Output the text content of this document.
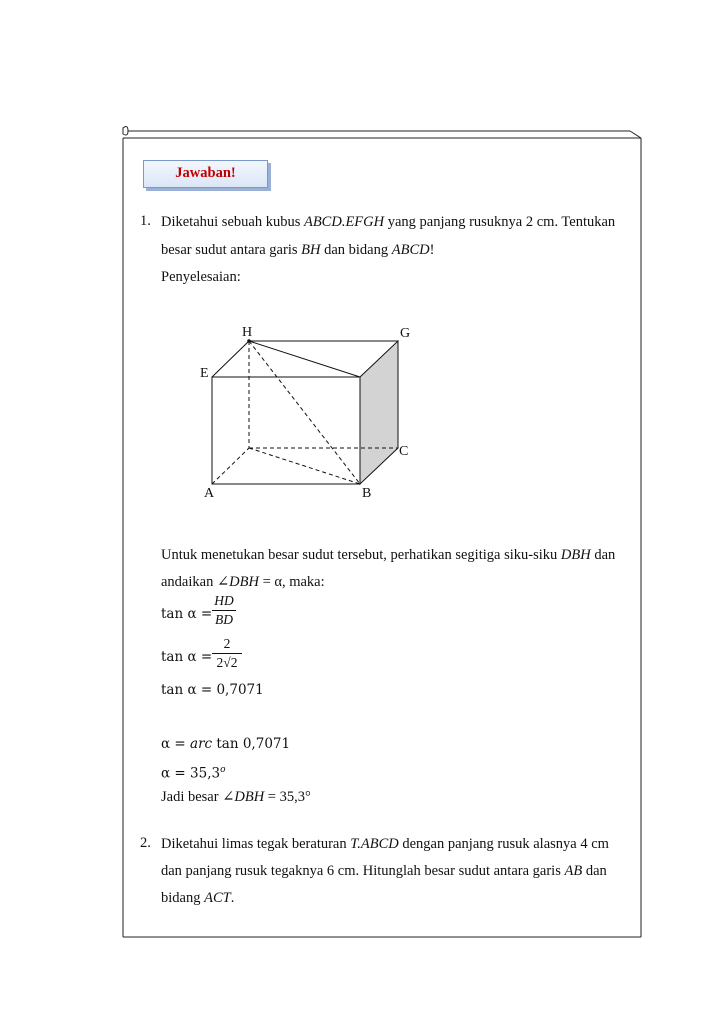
Jawaban!
1. Diketahui sebuah kubus ABCD.EFGH yang panjang rusuknya 2 cm. Tentukan
besar sudut antara garis BH dan bidang ABCD!
Penyelesaian:
H	G
E
C
A	B
Untuk menetukan besar sudut tersebut, perhatikan segitiga siku-siku DBH dan
andaikan ∠DBH = α, maka:
tan α =
HD
BD
tan α =
2
2√2
tan α = 0,7071
α = arc tan 0,7071
$\alpha = 35,3^o$
Jadi besar ∠DBH = 35,3°
2. Diketahui limas tegak beraturan T.ABCD dengan panjang rusuk alasnya 4 cm
dan panjang rusuk tegaknya 6 cm. Hitunglah besar sudut antara garis AB dan
bidang ACT.
